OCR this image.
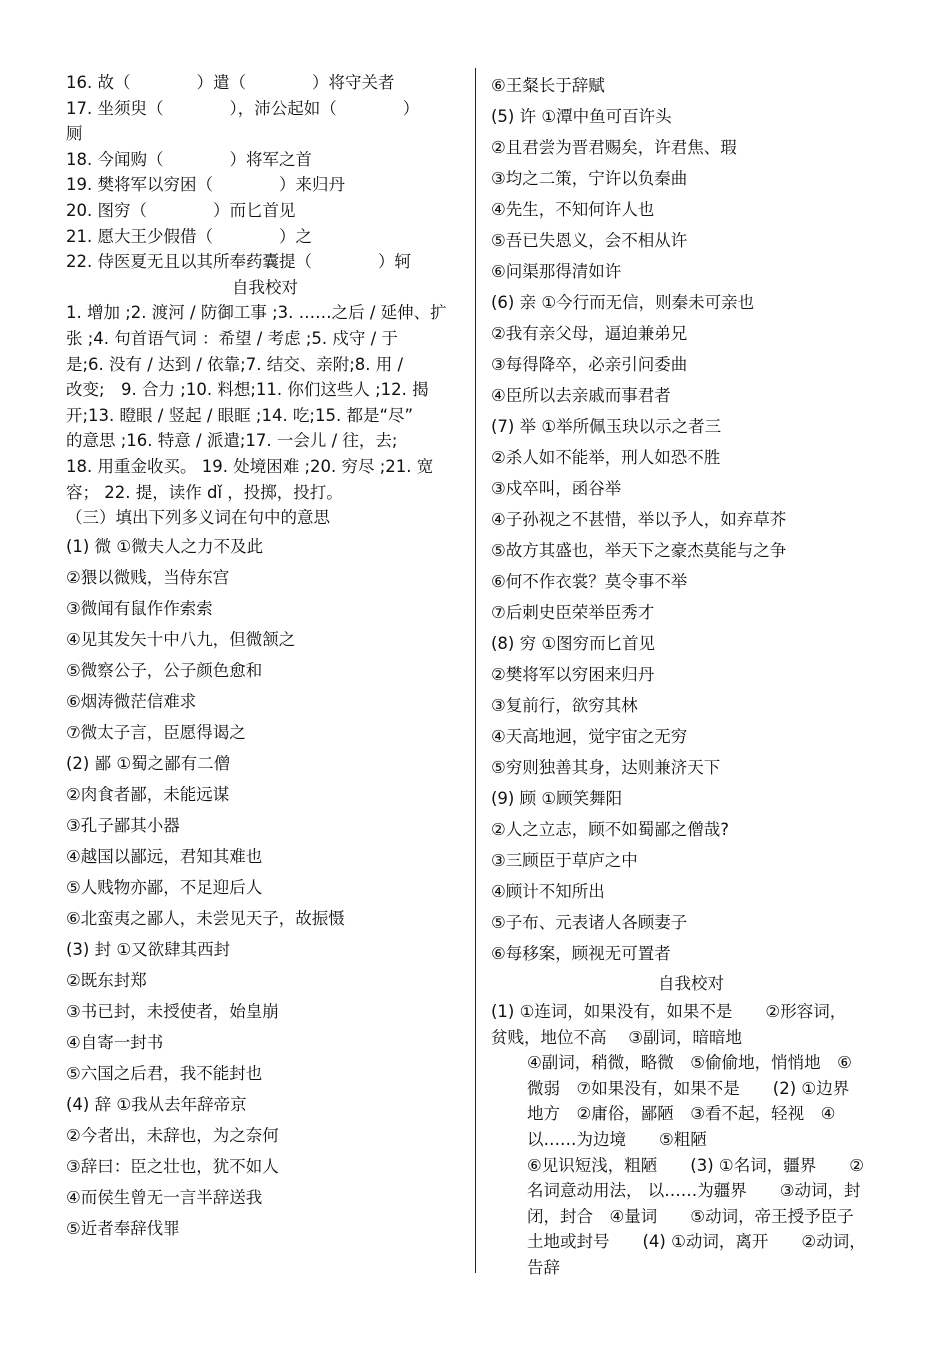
16. 故（　　　　）遣（　　　　）将守关者
17. 坐须臾（　　　　），沛公起如（　　　　）
厕
18. 今闻购（　　　　）将军之首
19. 樊将军以穷困（　　　　）来归丹
20. 图穷（　　　　）而匕首见
21. 愿大王少假借（　　　　）之
22. 侍医夏无且以其所奉药囊提（　　　　）轲
自我校对
1. 增加 ;2. 渡河 / 防御工事 ;3. ……之后 / 延伸、扩
张 ;4. 句首语气词 ：希望 / 考虑 ;5. 戍守 / 于
是;6. 没有 / 达到 / 依靠;7. 结交、亲附;8. 用 /
改变;　9. 合力 ;10. 料想;11. 你们这些人 ;12. 揭
开;13. 瞪眼 / 竖起 / 眼眶 ;14. 吃;15. 都是“尽”
的意思 ;16. 特意 / 派遣;17. 一会儿 / 往，去;
18. 用重金收买。 19. 处境困难 ;20. 穷尽 ;21. 宽
容； 22. 提，读作 dǐ ，投掷，投打。
（三）填出下列多义词在句中的意思
(1) 微 ①微夫人之力不及此
②猥以微贱，当侍东宫
③微闻有鼠作作索索
④见其发矢十中八九，但微颔之
⑤微察公子，公子颜色愈和
⑥烟涛微茫信难求
⑦微太子言，臣愿得谒之
(2) 鄙 ①蜀之鄙有二僧
②肉食者鄙，未能远谋
③孔子鄙其小器
④越国以鄙远，君知其难也
⑤人贱物亦鄙，不足迎后人
⑥北蛮夷之鄙人，未尝见天子，故振慑
(3) 封 ①又欲肆其西封
②既东封郑
③书已封，未授使者，始皇崩
④自寄一封书
⑤六国之后君，我不能封也
(4) 辞 ①我从去年辞帝京
②今者出，未辞也，为之奈何
③辞曰：臣之壮也，犹不如人
④而侯生曾无一言半辞送我
⑤近者奉辞伐罪
⑥王粲长于辞赋
(5) 许 ①潭中鱼可百许头
②且君尝为晋君赐矣，许君焦、瑕
③均之二策，宁许以负秦曲
④先生，不知何许人也
⑤吾已失恩义，会不相从许
⑥问渠那得清如许
(6) 亲 ①今行而无信，则秦未可亲也
②我有亲父母，逼迫兼弟兄
③每得降卒，必亲引问委曲
④臣所以去亲戚而事君者
(7) 举 ①举所佩玉玦以示之者三
②杀人如不能举，刑人如恐不胜
③戍卒叫，函谷举
④子孙视之不甚惜，举以予人，如弃草芥
⑤故方其盛也，举天下之豪杰莫能与之争
⑥何不作衣裳？莫令事不举
⑦后刺史臣荣举臣秀才
(8) 穷 ①图穷而匕首见
②樊将军以穷困来归丹
③复前行，欲穷其林
④天高地迥，觉宇宙之无穷
⑤穷则独善其身，达则兼济天下
(9) 顾 ①顾笑舞阳
②人之立志，顾不如蜀鄙之僧哉?
③三顾臣于草庐之中
④顾计不知所出
⑤子布、元表诸人各顾妻子
⑥每移案，顾视无可置者
自我校对
(1) ①连词，如果没有，如果不是　　②形容词，
贫贱，地位不高　 ③副词，暗暗地
④副词，稍微，略微　⑤偷偷地，悄悄地　⑥
微弱　⑦如果没有，如果不是　　(2) ①边界
地方　②庸俗，鄙陋　③看不起，轻视　④
以……为边境　　⑤粗陋
⑥见识短浅，粗陋　　(3) ①名词，疆界　　②
名词意动用法， 以……为疆界　　③动词，封
闭，封合　④量词　　⑤动词，帝王授予臣子
土地或封号　　(4) ①动词，离开　　②动词，
告辞
